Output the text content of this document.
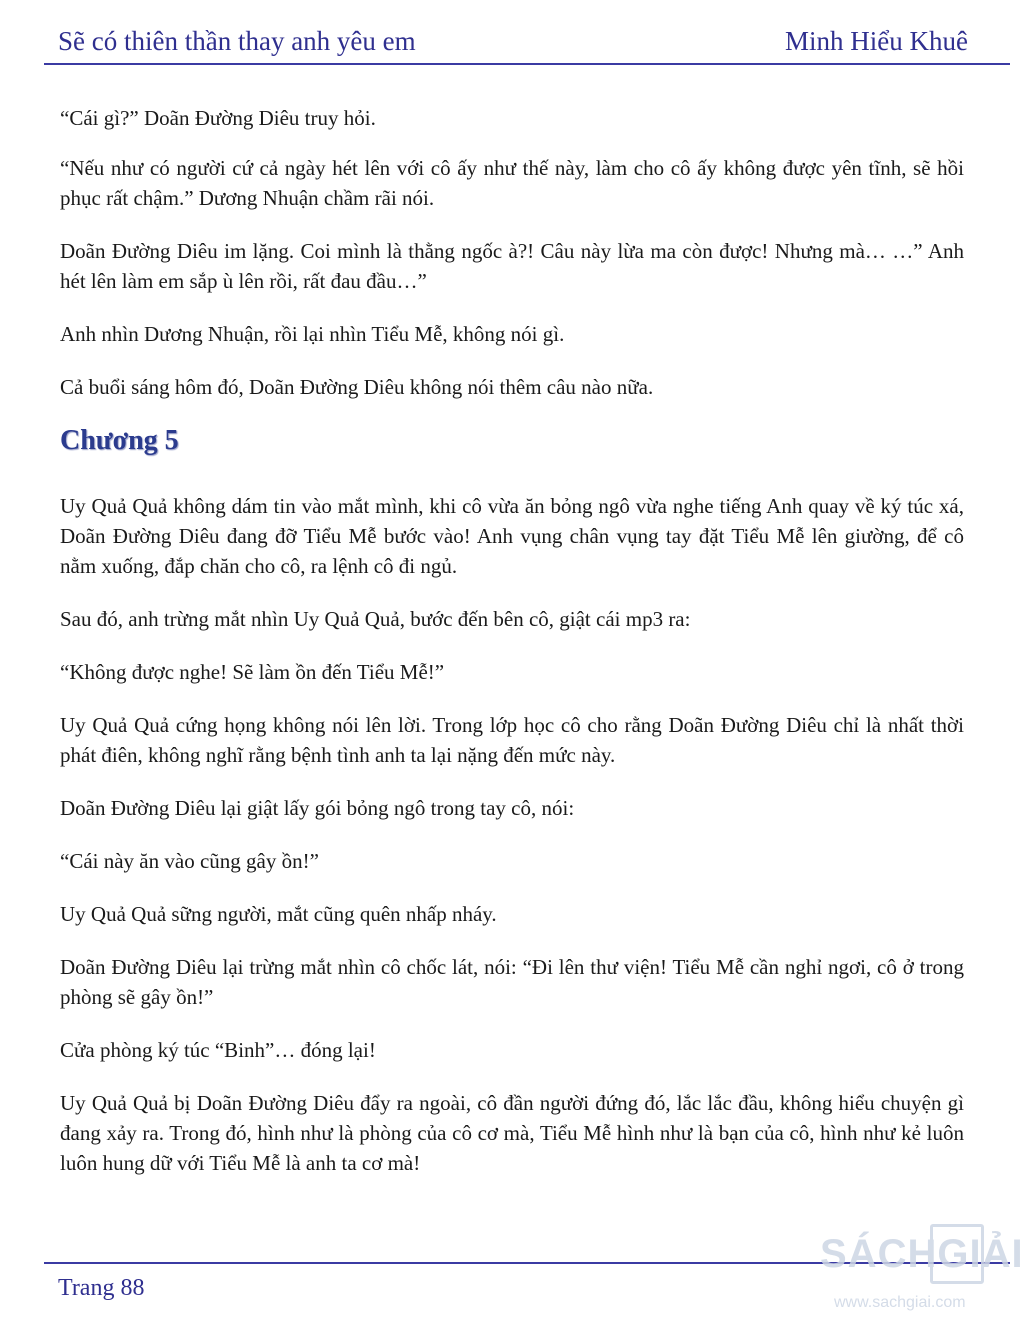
Sẽ có thiên thần thay anh yêu em	Minh Hiểu Khuê

“Cái gì?” Doãn Đường Diêu truy hỏi.

“Nếu như có người cứ cả ngày hét lên với cô ấy như thế này, làm cho cô ấy không được yên tĩnh, sẽ hồi phục rất chậm.” Dương Nhuận chầm rãi nói.

Doãn Đường Diêu im lặng. Coi mình là thằng ngốc à?! Câu này lừa ma còn được! Nhưng mà… …” Anh hét lên làm em sắp ù lên rồi, rất đau đầu…”

Anh nhìn Dương Nhuận, rồi lại nhìn Tiểu Mễ, không nói gì.

Cả buổi sáng hôm đó, Doãn Đường Diêu không nói thêm câu nào nữa.

Chương 5

Uy Quả Quả không dám tin vào mắt mình, khi cô vừa ăn bỏng ngô vừa nghe tiếng Anh quay về ký túc xá, Doãn Đường Diêu đang đỡ Tiểu Mễ bước vào! Anh vụng chân vụng tay đặt Tiểu Mễ lên giường, để cô nằm xuống, đắp chăn cho cô, ra lệnh cô đi ngủ.

Sau đó, anh trừng mắt nhìn Uy Quả Quả, bước đến bên cô, giật cái mp3 ra:

“Không được nghe! Sẽ làm ồn đến Tiểu Mễ!”

Uy Quả Quả cứng họng không nói lên lời. Trong lớp học cô cho rằng Doãn Đường Diêu chỉ là nhất thời phát điên, không nghĩ rằng bệnh tình anh ta lại nặng đến mức này.

Doãn Đường Diêu lại giật lấy gói bỏng ngô trong tay cô, nói:

“Cái này ăn vào cũng gây ồn!”

Uy Quả Quả sững người, mắt cũng quên nhấp nháy.

Doãn Đường Diêu lại trừng mắt nhìn cô chốc lát, nói: “Đi lên thư viện! Tiểu Mễ cần nghỉ ngơi, cô ở trong phòng sẽ gây ồn!”

Cửa phòng ký túc “Binh”… đóng lại!

Uy Quả Quả bị Doãn Đường Diêu đẩy ra ngoài, cô đần người đứng đó, lắc lắc đầu, không hiểu chuyện gì đang xảy ra. Trong đó, hình như là phòng của cô cơ mà, Tiểu Mễ hình như là bạn của cô, hình như kẻ luôn luôn hung dữ với Tiểu Mễ là anh ta cơ mà!

Trang 88
SÁCHGIẢI
www.sachgiai.com
